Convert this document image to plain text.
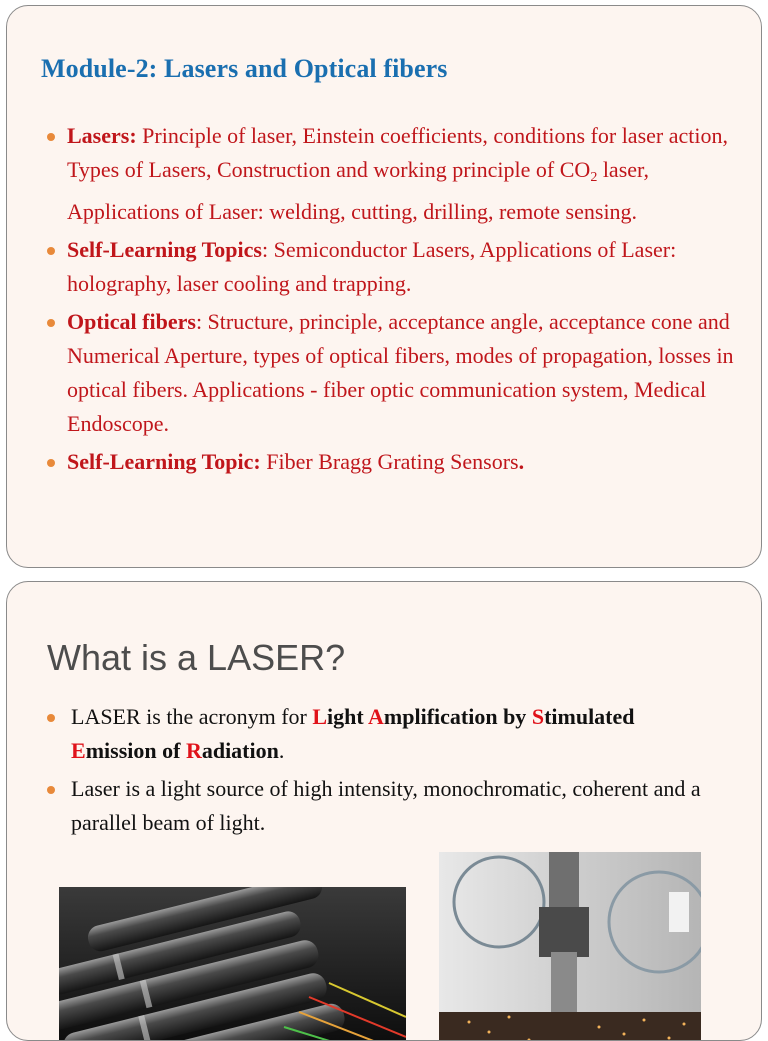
Module-2: Lasers and Optical fibers
Lasers: Principle of laser, Einstein coefficients, conditions for laser action, Types of Lasers, Construction and working principle of $CO_2$ laser, Applications of Laser: welding, cutting, drilling, remote sensing.
Self-Learning Topics: Semiconductor Lasers, Applications of Laser: holography, laser cooling and trapping.
Optical fibers: Structure, principle, acceptance angle, acceptance cone and Numerical Aperture, types of optical fibers, modes of propagation, losses in optical fibers. Applications - fiber optic communication system, Medical Endoscope.
Self-Learning Topic: Fiber Bragg Grating Sensors.
What is a LASER?
LASER is the acronym for Light Amplification by Stimulated Emission of Radiation.
Laser is a light source of high intensity, monochromatic, coherent and a parallel beam of light.
